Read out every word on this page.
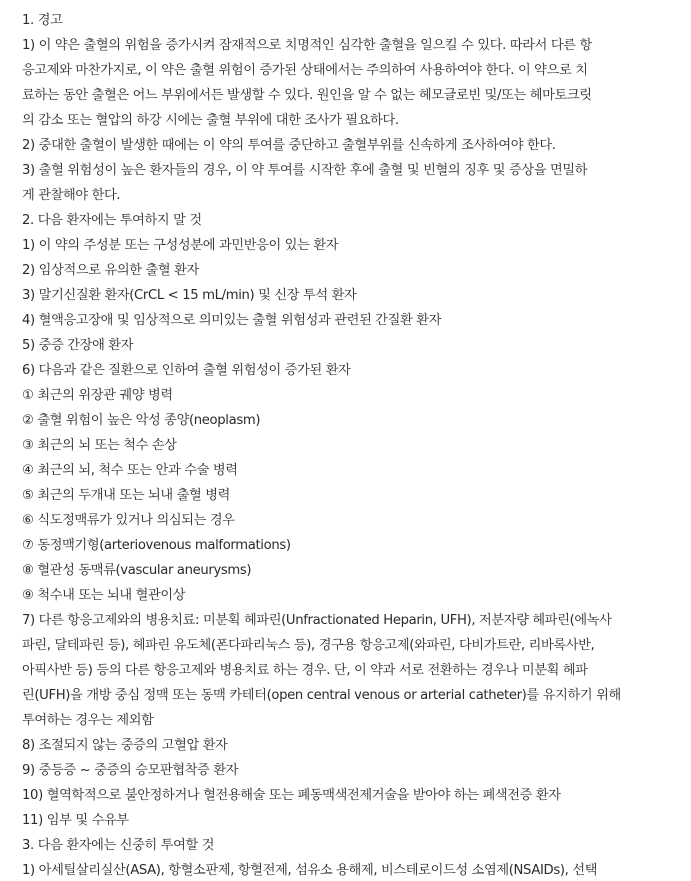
1. 경고
1) 이 약은 출혈의 위험을 증가시켜 잠재적으로 치명적인 심각한 출혈을 일으킬 수 있다. 따라서 다른 항
응고제와 마찬가지로, 이 약은 출혈 위험이 증가된 상태에서는 주의하여 사용하여야 한다. 이 약으로 치
료하는 동안 출혈은 어느 부위에서든 발생할 수 있다. 원인을 알 수 없는 헤모글로빈 및/또는 헤마토크릿
의 감소 또는 혈압의 하강 시에는 출혈 부위에 대한 조사가 필요하다.
2) 중대한 출혈이 발생한 때에는 이 약의 투여를 중단하고 출혈부위를 신속하게 조사하여야 한다.
3) 출혈 위험성이 높은 환자들의 경우, 이 약 투여를 시작한 후에 출혈 및 빈혈의 징후 및 증상을 면밀하
게 관찰해야 한다.
2. 다음 환자에는 투여하지 말 것
1) 이 약의 주성분 또는 구성성분에 과민반응이 있는 환자
2) 임상적으로 유의한 출혈 환자
3) 말기신질환 환자(CrCL < 15 mL/min) 및 신장 투석 환자
4) 혈액응고장애 및 임상적으로 의미있는 출혈 위험성과 관련된 간질환 환자
5) 중증 간장애 환자
6) 다음과 같은 질환으로 인하여 출혈 위험성이 증가된 환자
① 최근의 위장관 궤양 병력
② 출혈 위험이 높은 악성 종양(neoplasm)
③ 최근의 뇌 또는 척수 손상
④ 최근의 뇌, 척수 또는 안과 수술 병력
⑤ 최근의 두개내 또는 뇌내 출혈 병력
⑥ 식도정맥류가 있거나 의심되는 경우
⑦ 동정맥기형(arteriovenous malformations)
⑧ 혈관성 동맥류(vascular aneurysms)
⑨ 척수내 또는 뇌내 혈관이상
7) 다른 항응고제와의 병용치료: 미분획 헤파린(Unfractionated Heparin, UFH), 저분자량 헤파린(에녹사
파린, 달테파린 등), 헤파린 유도체(폰다파리눅스 등), 경구용 항응고제(와파린, 다비가트란, 리바록사반,
아픽사반 등) 등의 다른 항응고제와 병용치료 하는 경우. 단, 이 약과 서로 전환하는 경우나 미분획 헤파
린(UFH)을 개방 중심 정맥 또는 동맥 카테터(open central venous or arterial catheter)를 유지하기 위해
투여하는 경우는 제외함
8) 조절되지 않는 중증의 고혈압 환자
9) 중등증 ~ 중증의 승모판협착증 환자
10) 혈역학적으로 불안정하거나 혈전용해술 또는 폐동맥색전제거술을 받아야 하는 폐색전증 환자
11) 임부 및 수유부
3. 다음 환자에는 신중히 투여할 것
1) 아세틸살리실산(ASA), 항혈소판제, 항혈전제, 섬유소 용해제, 비스테로이드성 소염제(NSAIDs), 선택
